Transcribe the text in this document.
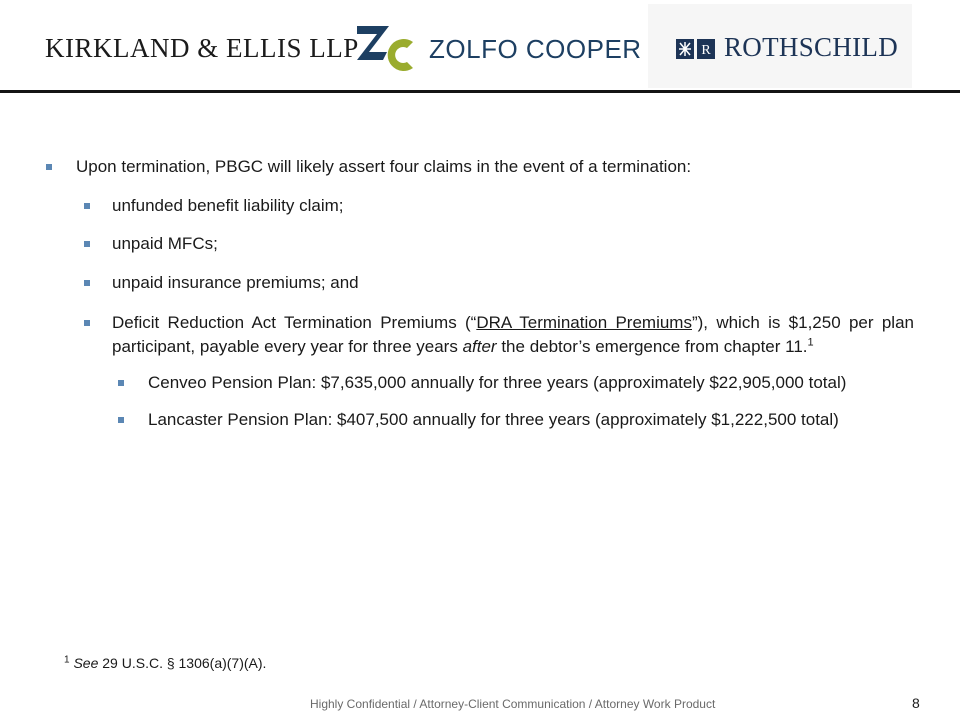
KIRKLAND & ELLIS LLP	ZOLFO COOPER	R ROTHSCHILD
Upon termination, PBGC will likely assert four claims in the event of a termination:
unfunded benefit liability claim;
unpaid MFCs;
unpaid insurance premiums; and
Deficit Reduction Act Termination Premiums (“DRA Termination Premiums”), which is $1,250 per plan participant, payable every year for three years after the debtor’s emergence from chapter 11.$^1$
Cenveo Pension Plan: $7,635,000 annually for three years (approximately $22,905,000 total)
Lancaster Pension Plan: $407,500 annually for three years (approximately $1,222,500 total)
$^1$ See 29 U.S.C. § 1306(a)(7)(A).
Highly Confidential / Attorney-Client Communication / Attorney Work Product	8
